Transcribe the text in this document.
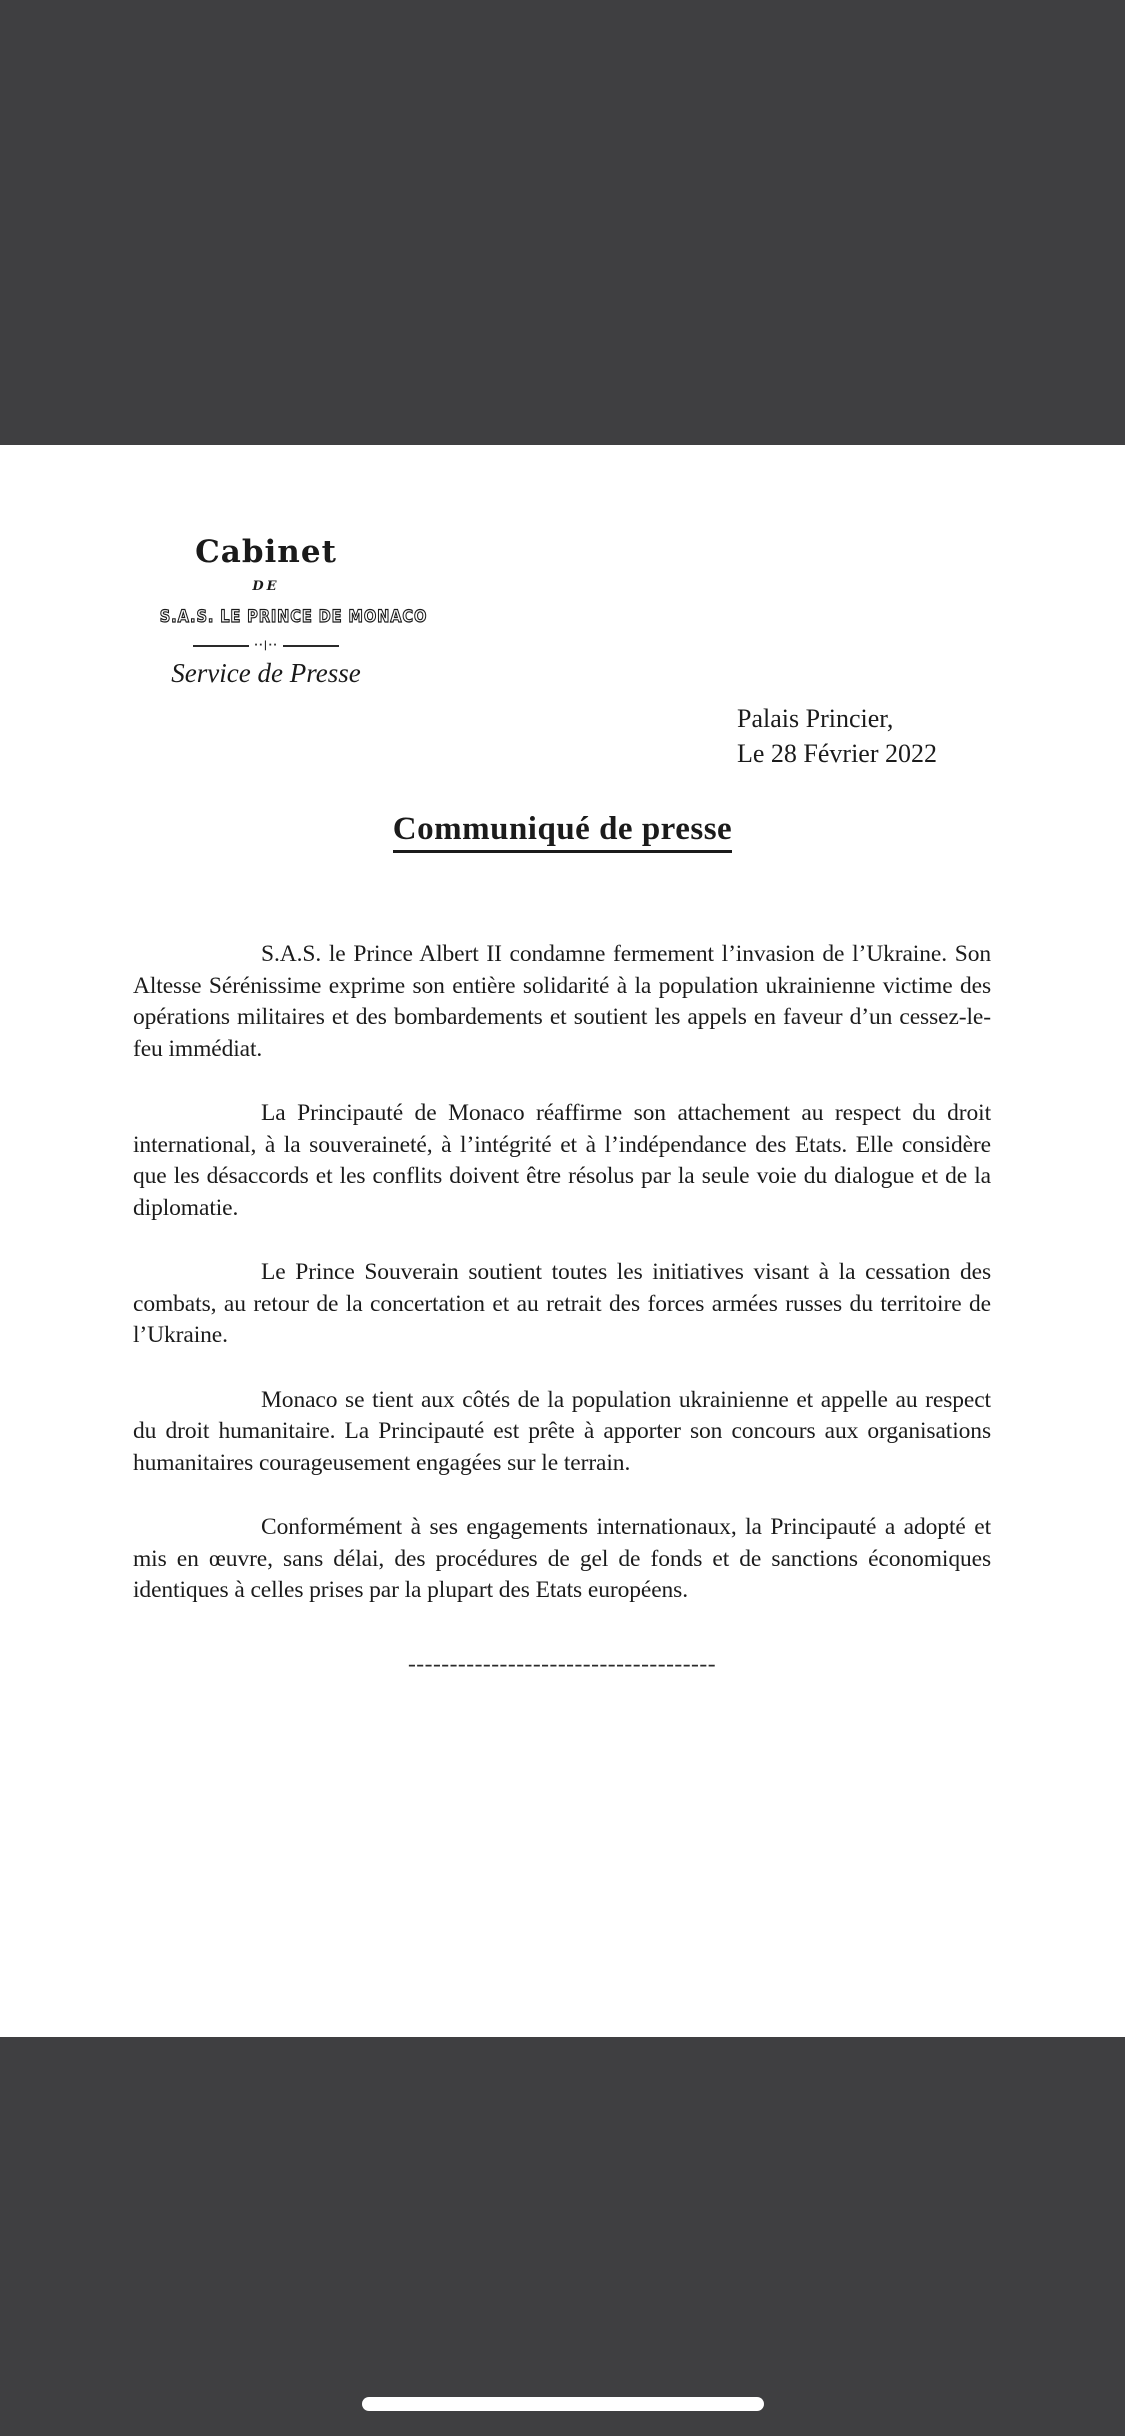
Cabinet
DE
S.A.S. LE PRINCE DE MONACO
··|··
Service de Presse
Palais Princier,
Le 28 Février 2022
Communiqué de presse

S.A.S. le Prince Albert II condamne fermement l’invasion de l’Ukraine. Son Altesse Sérénissime exprime son entière solidarité à la population ukrainienne victime des opérations militaires et des bombardements et soutient les appels en faveur d’un cessez-le-feu immédiat.

La Principauté de Monaco réaffirme son attachement au respect du droit international, à la souveraineté, à l’intégrité et à l’indépendance des Etats. Elle considère que les désaccords et les conflits doivent être résolus par la seule voie du dialogue et de la diplomatie.

Le Prince Souverain soutient toutes les initiatives visant à la cessation des combats, au retour de la concertation et au retrait des forces armées russes du territoire de l’Ukraine.

Monaco se tient aux côtés de la population ukrainienne et appelle au respect du droit humanitaire. La Principauté est prête à apporter son concours aux organisations humanitaires courageusement engagées sur le terrain.

Conformément à ses engagements internationaux, la Principauté a adopté et mis en œuvre, sans délai, des procédures de gel de fonds et de sanctions économiques identiques à celles prises par la plupart des Etats européens.

-------------------------------------
